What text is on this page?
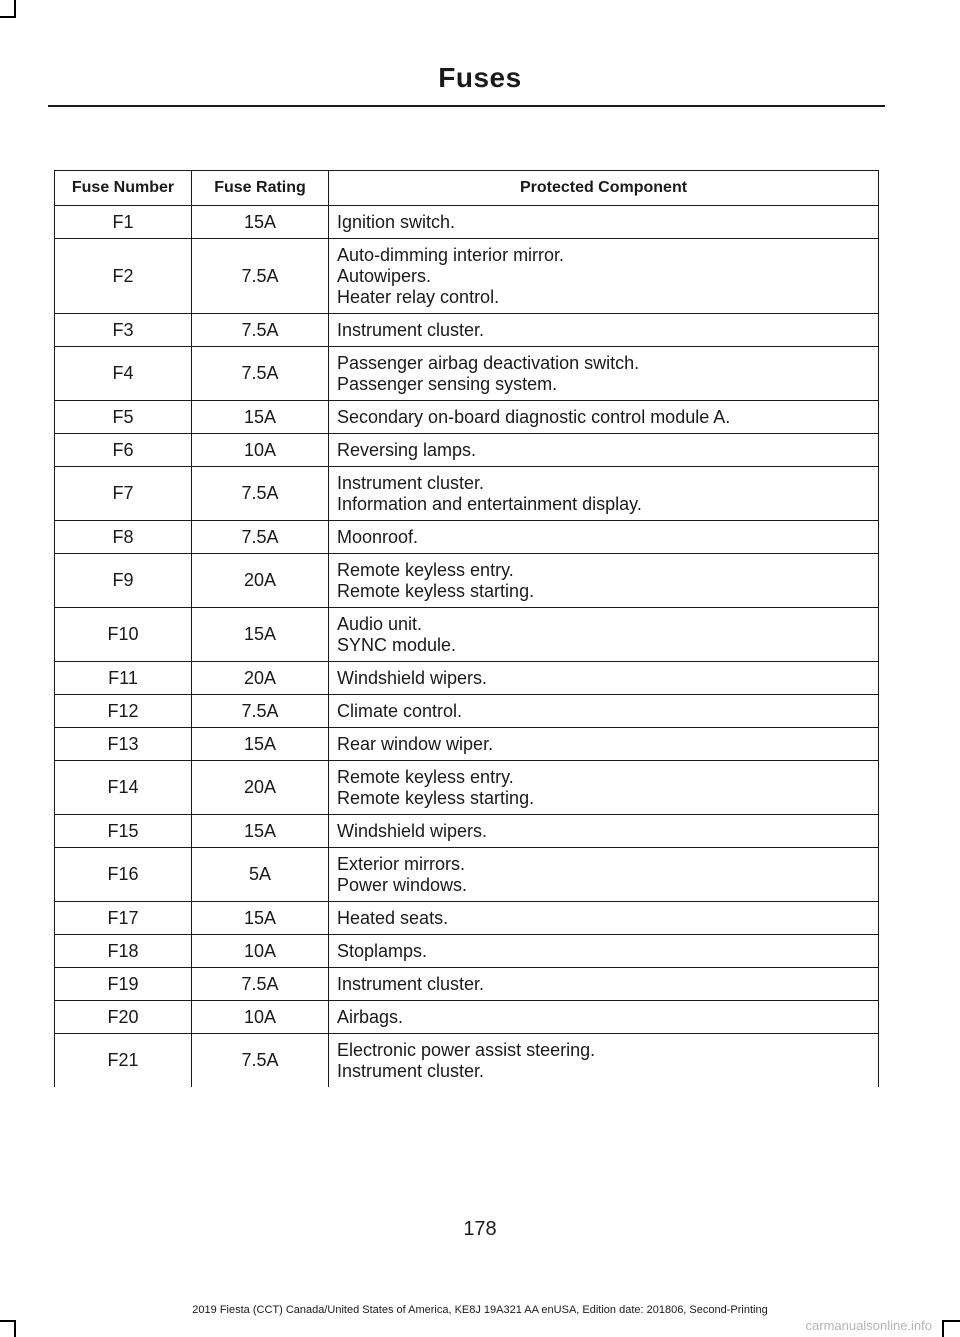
Fuses
Fuse Number	Fuse Rating	Protected Component
F1	15A	Ignition switch.

F2	7.5A	Auto-dimming interior mirror.
Autowipers.
Heater relay control.

F3	7.5A	Instrument cluster.

F4	7.5A	Passenger airbag deactivation switch.
Passenger sensing system.

F5	15A	Secondary on-board diagnostic control module A.

F6	10A	Reversing lamps.

F7	7.5A	Instrument cluster.
Information and entertainment display.

F8	7.5A	Moonroof.

F9	20A	Remote keyless entry.
Remote keyless starting.

F10	15A	Audio unit.
SYNC module.

F11	20A	Windshield wipers.

F12	7.5A	Climate control.

F13	15A	Rear window wiper.

F14	20A	Remote keyless entry.
Remote keyless starting.

F15	15A	Windshield wipers.

F16	5A	Exterior mirrors.
Power windows.

F17	15A	Heated seats.

F18	10A	Stoplamps.

F19	7.5A	Instrument cluster.

F20	10A	Airbags.

F21	7.5A	Electronic power assist steering.
Instrument cluster.
178
2019 Fiesta (CCT) Canada/United States of America, KE8J 19A321 AA enUSA, Edition date: 201806, Second-Printing
carmanualsonline.info
